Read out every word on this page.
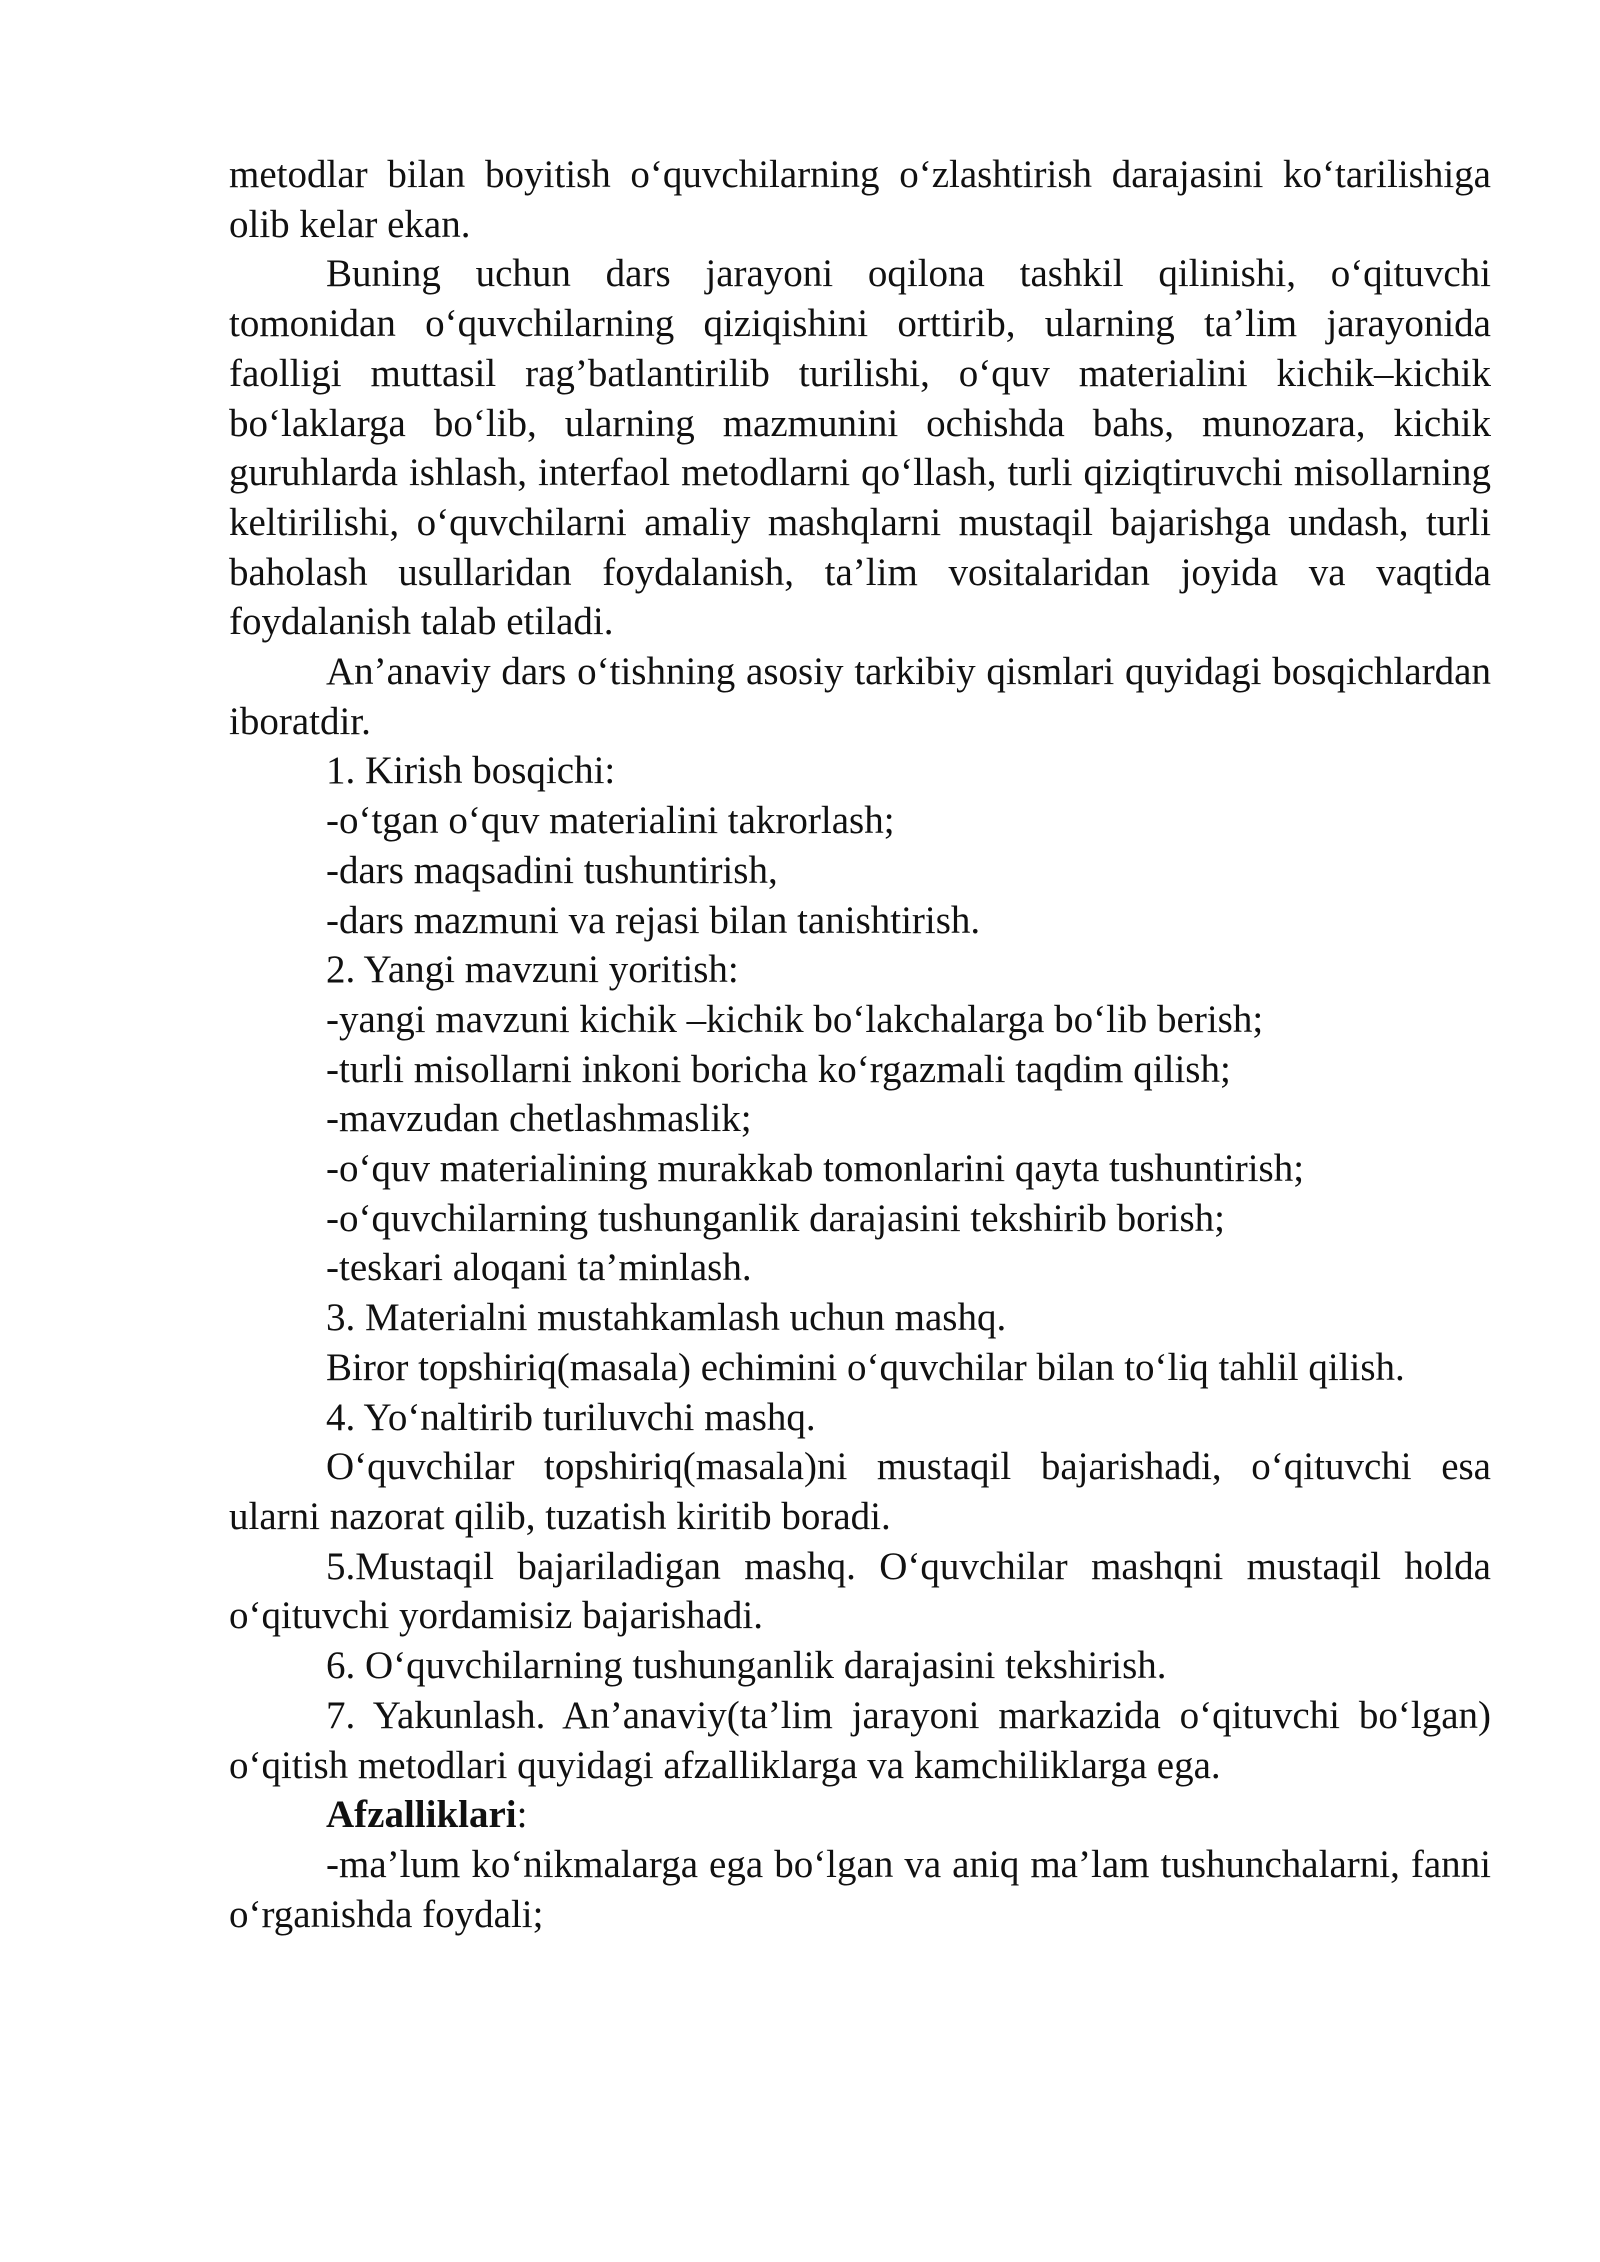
metodlar bilan boyitish o‘quvchilarning o‘zlashtirish darajasini ko‘tarilishiga olib kelar ekan.

Buning uchun dars jarayoni oqilona tashkil qilinishi, o‘qituvchi tomonidan o‘quvchilarning qiziqishini orttirib, ularning ta’lim jarayonida faolligi muttasil rag’batlantirilib turilishi, o‘quv materialini kichik–kichik bo‘laklarga bo‘lib, ularning mazmunini ochishda bahs, munozara, kichik guruhlarda ishlash, interfaol metodlarni qo‘llash, turli qiziqtiruvchi misollarning keltirilishi, o‘quvchilarni amaliy mashqlarni mustaqil bajarishga undash, turli baholash usullaridan foydalanish, ta’lim vositalaridan joyida va vaqtida foydalanish talab etiladi.

An’anaviy dars o‘tishning asosiy tarkibiy qismlari quyidagi bosqichlardan iboratdir.

1. Kirish bosqichi:
-o‘tgan o‘quv materialini takrorlash;
-dars maqsadini tushuntirish,
-dars mazmuni va rejasi bilan tanishtirish.
2. Yangi mavzuni yoritish:
-yangi mavzuni kichik –kichik bo‘lakchalarga bo‘lib berish;
-turli misollarni inkoni boricha ko‘rgazmali taqdim qilish;
-mavzudan chetlashmaslik;
-o‘quv materialining murakkab tomonlarini qayta tushuntirish;
-o‘quvchilarning tushunganlik darajasini tekshirib borish;
-teskari aloqani ta’minlash.
3. Materialni mustahkamlash uchun mashq.

Biror topshiriq(masala) echimini o‘quvchilar bilan to‘liq tahlil qilish.

4. Yo‘naltirib turiluvchi mashq.

O‘quvchilar topshiriq(masala)ni mustaqil bajarishadi, o‘qituvchi esa ularni nazorat qilib, tuzatish kiritib boradi.

5.Mustaqil bajariladigan mashq. O‘quvchilar mashqni mustaqil holda o‘qituvchi yordamisiz bajarishadi.

6. O‘quvchilarning tushunganlik darajasini tekshirish.

7. Yakunlash. An’anaviy(ta’lim jarayoni markazida o‘qituvchi bo‘lgan) o‘qitish metodlari quyidagi afzalliklarga va kamchiliklarga ega.

Afzalliklari:

-ma’lum ko‘nikmalarga ega bo‘lgan va aniq ma’lam tushunchalarni, fanni o‘rganishda foydali;
